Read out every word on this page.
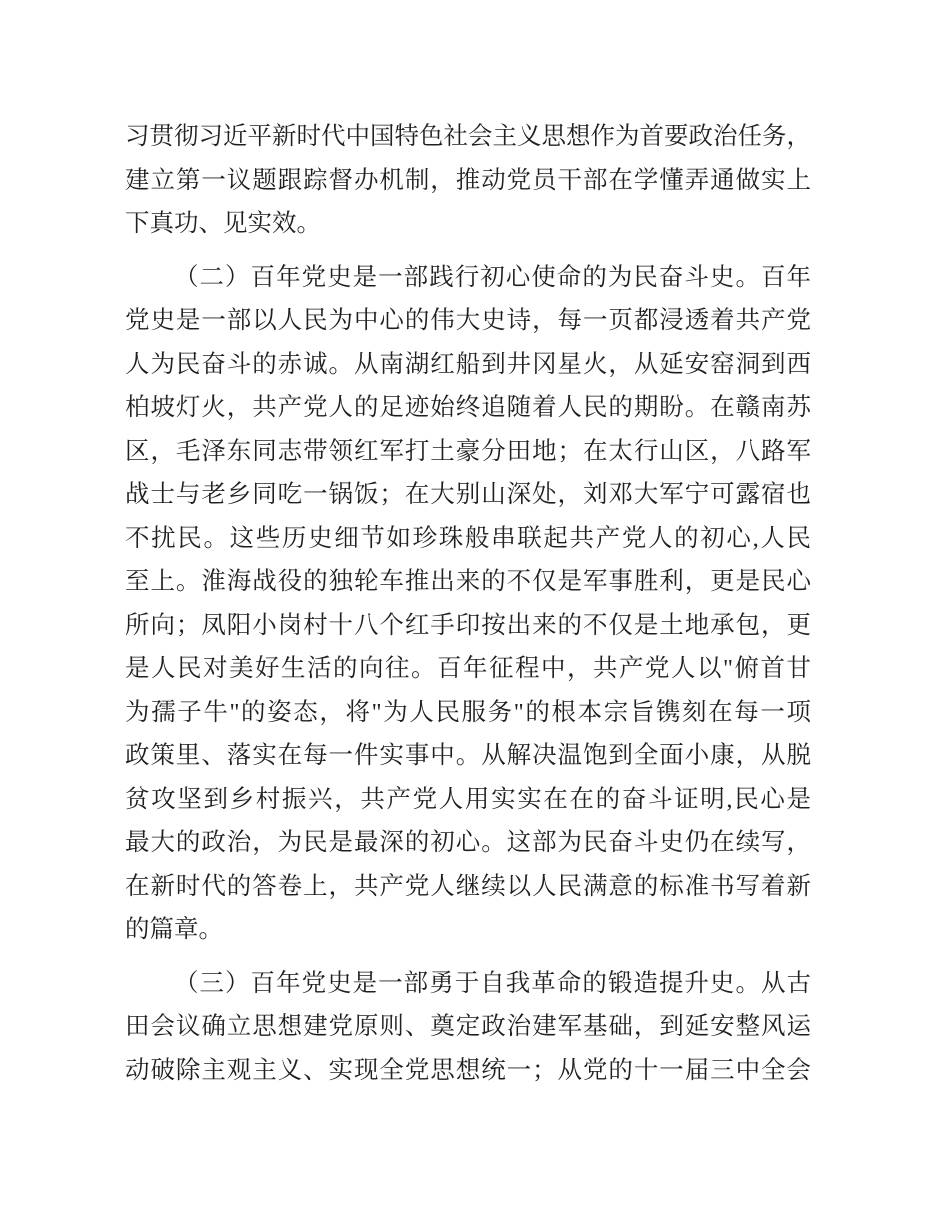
习贯彻习近平新时代中国特色社会主义思想作为首要政治任务，
建立第一议题跟踪督办机制，推动党员干部在学懂弄通做实上
下真功、见实效。
（二）百年党史是一部践行初心使命的为民奋斗史。百年
党史是一部以人民为中心的伟大史诗，每一页都浸透着共产党
人为民奋斗的赤诚。从南湖红船到井冈星火，从延安窑洞到西
柏坡灯火，共产党人的足迹始终追随着人民的期盼。在赣南苏
区，毛泽东同志带领红军打土豪分田地；在太行山区，八路军
战士与老乡同吃一锅饭；在大别山深处，刘邓大军宁可露宿也
不扰民。这些历史细节如珍珠般串联起共产党人的初心,人民
至上。淮海战役的独轮车推出来的不仅是军事胜利，更是民心
所向；凤阳小岗村十八个红手印按出来的不仅是土地承包，更
是人民对美好生活的向往。百年征程中，共产党人以"俯首甘
为孺子牛"的姿态，将"为人民服务"的根本宗旨镌刻在每一项
政策里、落实在每一件实事中。从解决温饱到全面小康，从脱
贫攻坚到乡村振兴，共产党人用实实在在的奋斗证明,民心是
最大的政治，为民是最深的初心。这部为民奋斗史仍在续写，
在新时代的答卷上，共产党人继续以人民满意的标准书写着新
的篇章。
（三）百年党史是一部勇于自我革命的锻造提升史。从古
田会议确立思想建党原则、奠定政治建军基础，到延安整风运
动破除主观主义、实现全党思想统一；从党的十一届三中全会
